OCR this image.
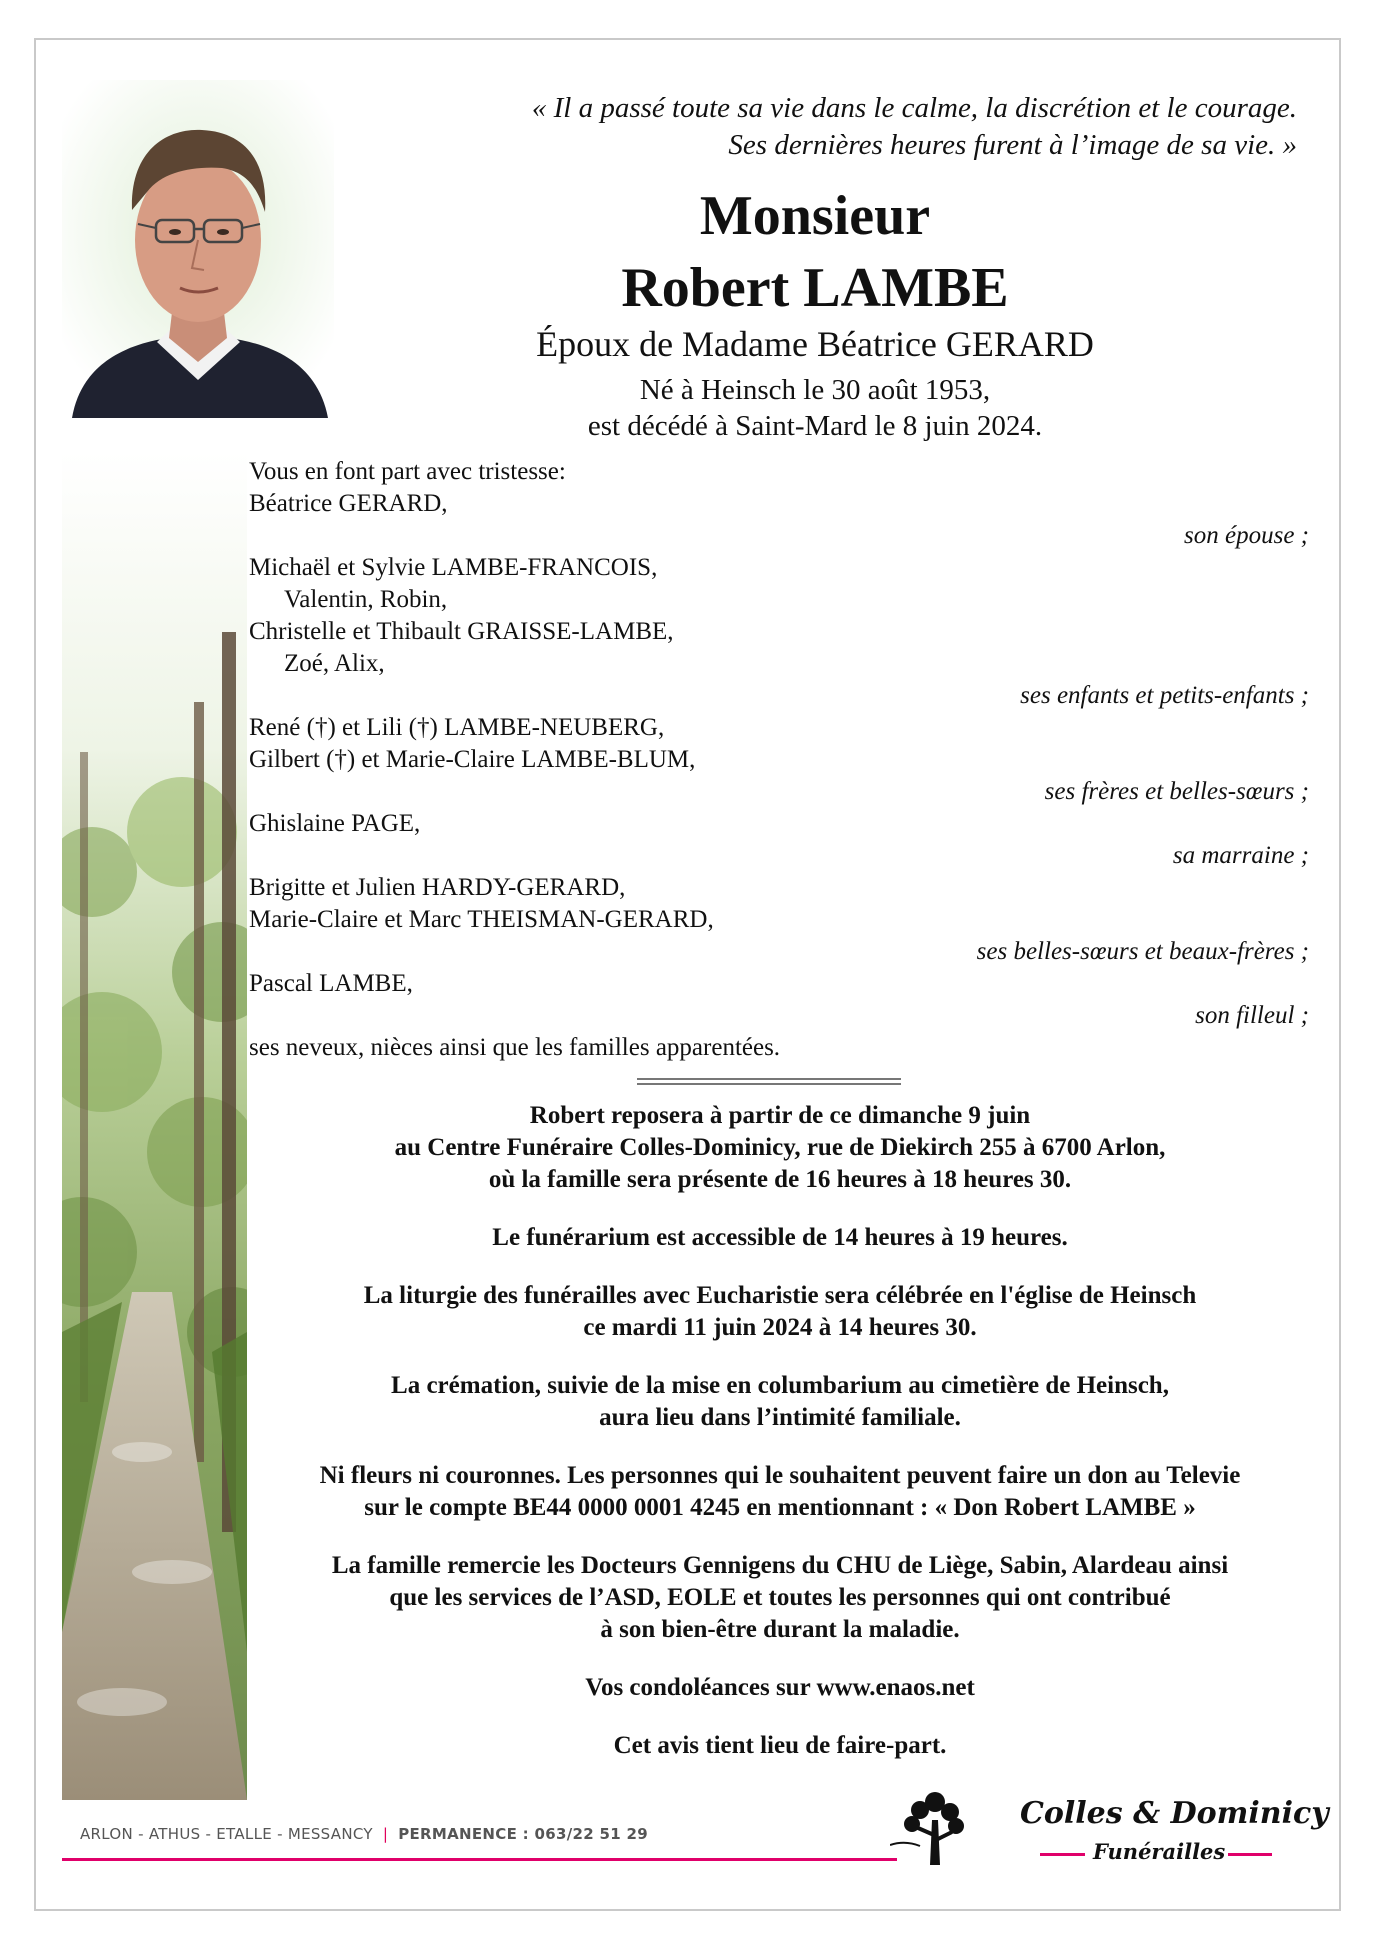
« Il a passé toute sa vie dans le calme, la discrétion et le courage.
Ses dernières heures furent à l’image de sa vie. »
Monsieur
Robert LAMBE
Époux de Madame Béatrice GERARD
Né à Heinsch le 30 août 1953,
est décédé à Saint-Mard le 8 juin 2024.
Vous en font part avec tristesse:
Béatrice GERARD,
son épouse ;
Michaël et Sylvie LAMBE-FRANCOIS,
Valentin, Robin,
Christelle et Thibault GRAISSE-LAMBE,
Zoé, Alix,
ses enfants et petits-enfants ;
René (†) et Lili (†) LAMBE-NEUBERG,
Gilbert (†) et Marie-Claire LAMBE-BLUM,
ses frères et belles-sœurs ;
Ghislaine PAGE,
sa marraine ;
Brigitte et Julien HARDY-GERARD,
Marie-Claire et Marc THEISMAN-GERARD,
ses belles-sœurs et beaux-frères ;
Pascal LAMBE,
son filleul ;
ses neveux, nièces ainsi que les familles apparentées.

Robert reposera à partir de ce dimanche 9 juin
au Centre Funéraire Colles-Dominicy, rue de Diekirch 255 à 6700 Arlon,
où la famille sera présente de 16 heures à 18 heures 30.

Le funérarium est accessible de 14 heures à 19 heures.

La liturgie des funérailles avec Eucharistie sera célébrée en l'église de Heinsch
ce mardi 11 juin 2024 à 14 heures 30.

La crémation, suivie de la mise en columbarium au cimetière de Heinsch,
aura lieu dans l’intimité familiale.

Ni fleurs ni couronnes. Les personnes qui le souhaitent peuvent faire un don au Televie
sur le compte BE44 0000 0001 4245 en mentionnant : « Don Robert LAMBE »

La famille remercie les Docteurs Gennigens du CHU de Liège, Sabin, Alardeau ainsi
que les services de l’ASD, EOLE et toutes les personnes qui ont contribué
à son bien-être durant la maladie.

Vos condoléances sur www.enaos.net

Cet avis tient lieu de faire-part.

ARLON - ATHUS - ETALLE - MESSANCY | PERMANENCE : 063/22 51 29
Colles & Dominicy
Funérailles
